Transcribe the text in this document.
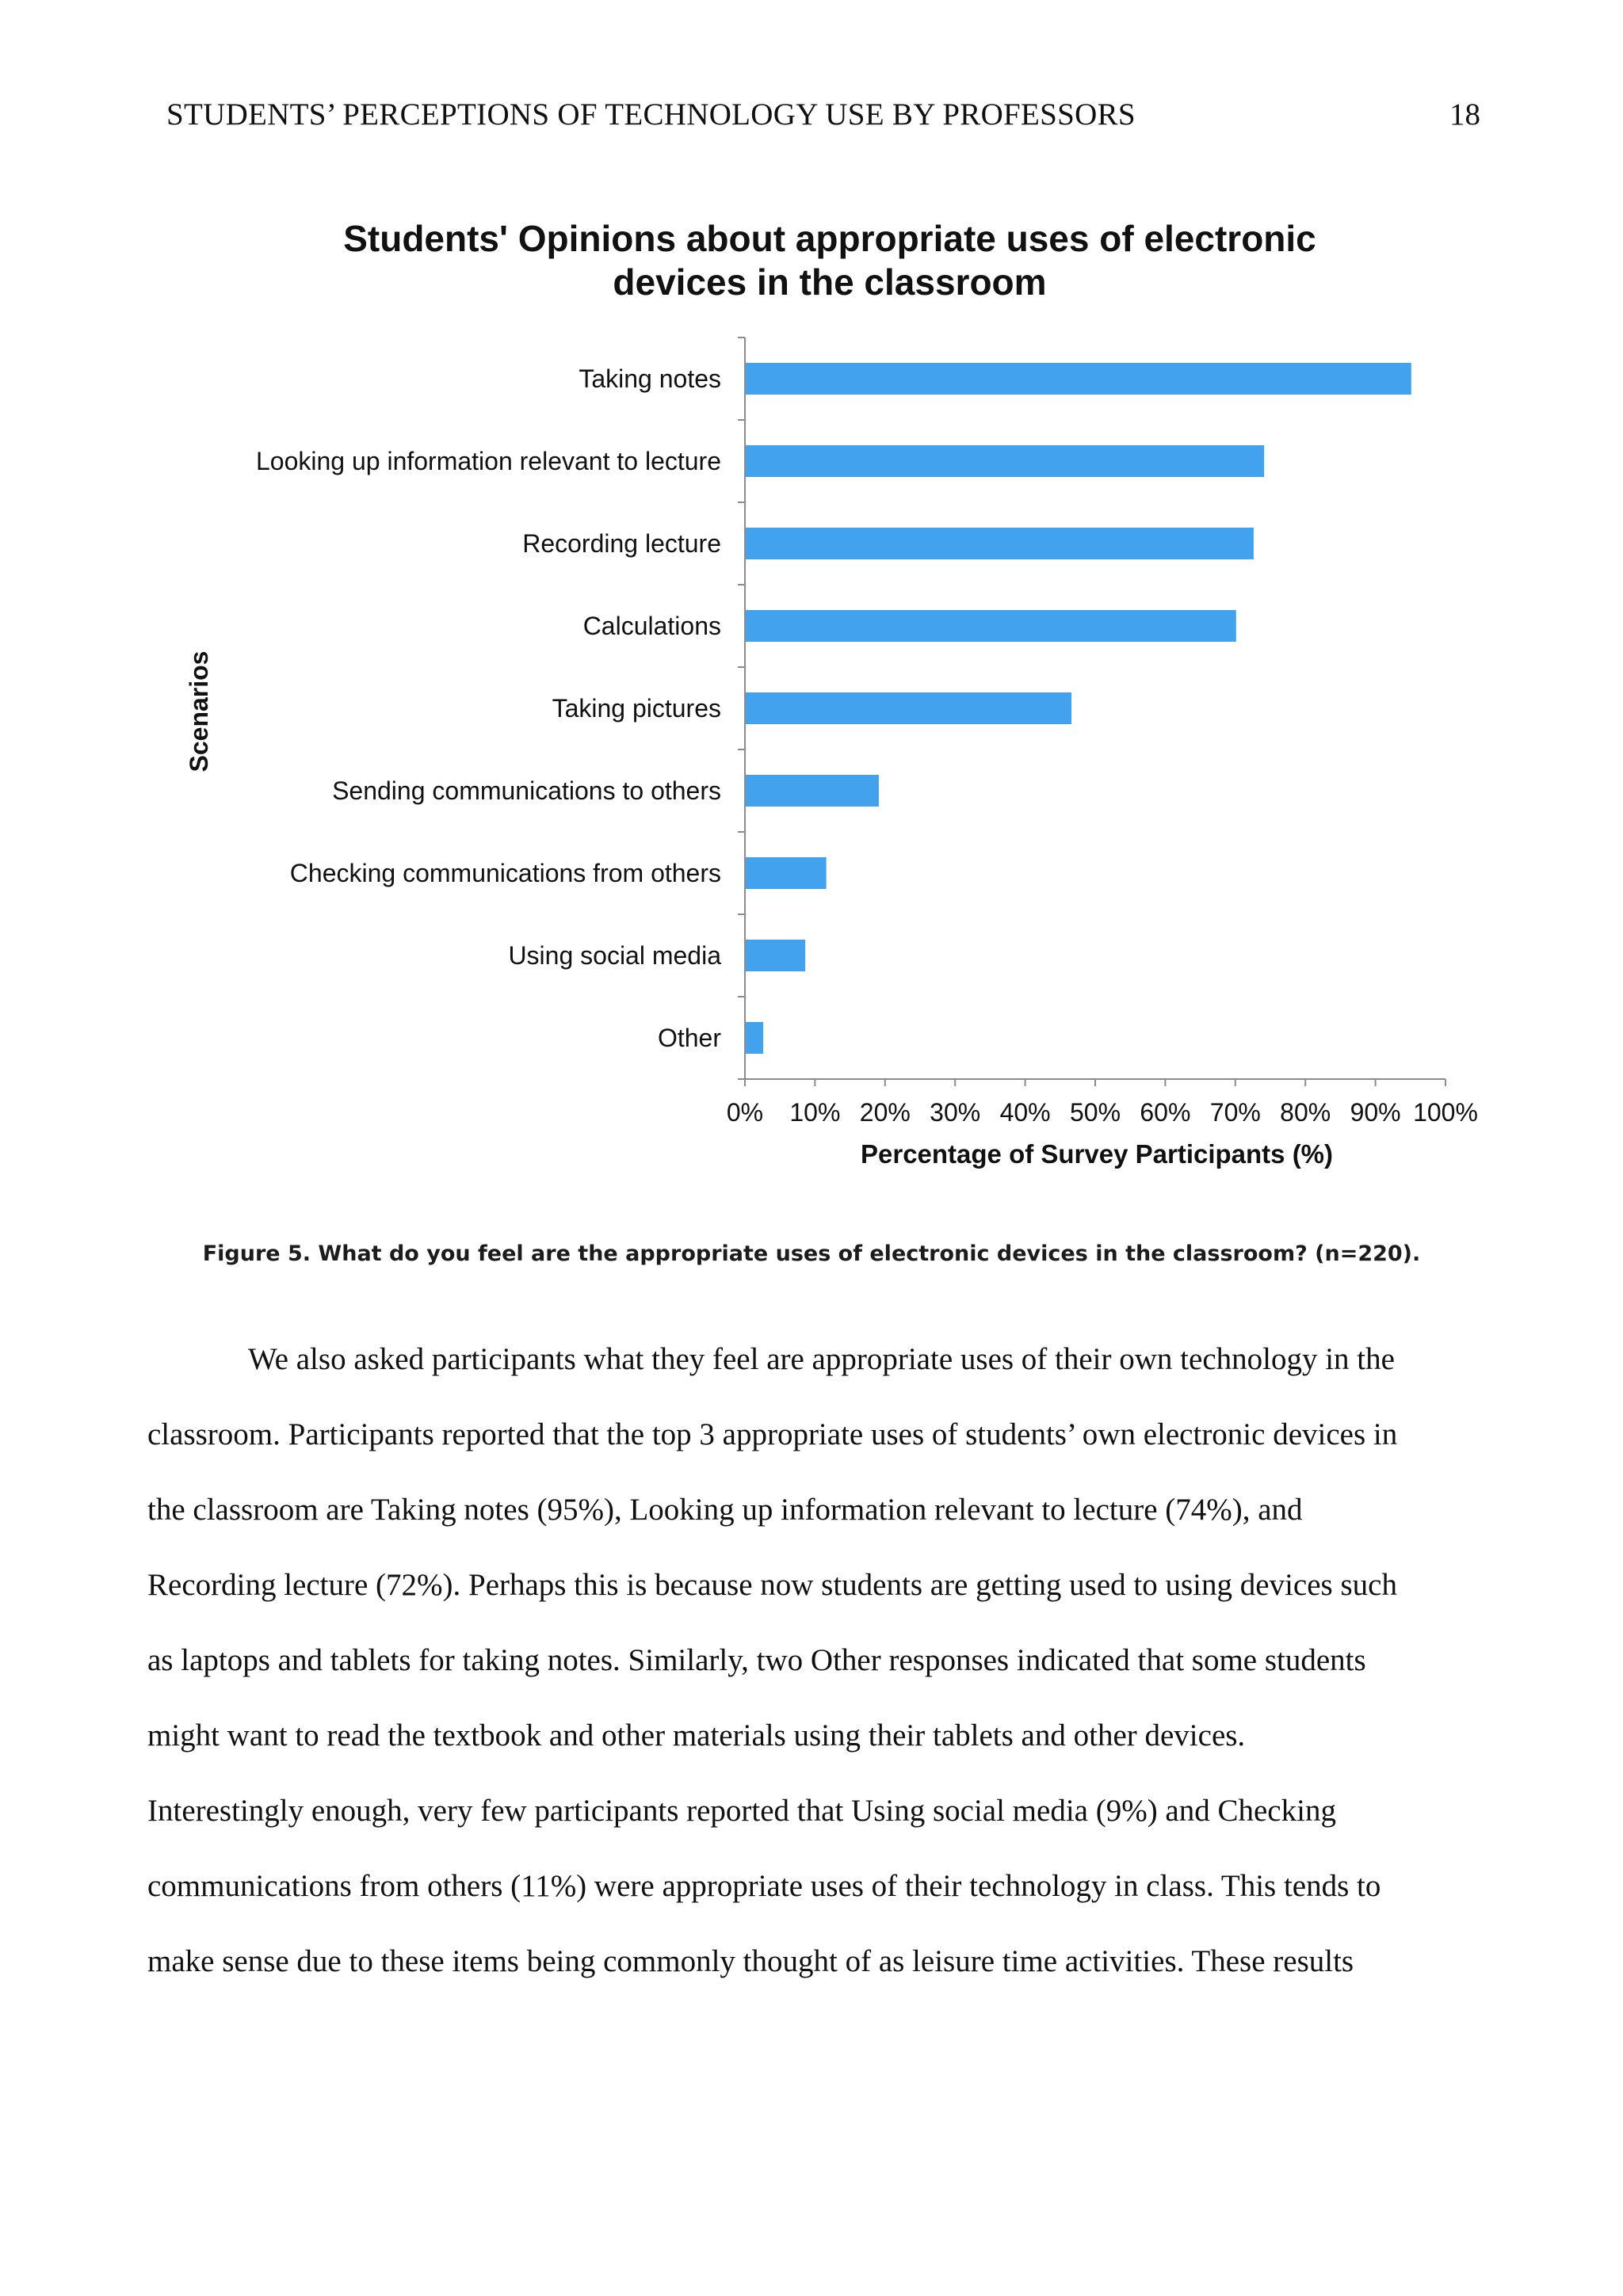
STUDENTS’ PERCEPTIONS OF TECHNOLOGY USE BY PROFESSORS	18
Students' Opinions about appropriate uses of electronic
devices in the classroom
Scenarios
Percentage of Survey Participants (%)
0% 10% 20% 30% 40% 50% 60% 70% 80% 90% 100%
Taking notes
Looking up information relevant to lecture
Recording lecture
Calculations
Taking pictures
Sending communications to others
Checking communications from others
Using social media
Other
Figure 5. What do you feel are the appropriate uses of electronic devices in the classroom? (n=220).
We also asked participants what they feel are appropriate uses of their own technology in the
classroom. Participants reported that the top 3 appropriate uses of students’ own electronic devices in
the classroom are Taking notes (95%), Looking up information relevant to lecture (74%), and
Recording lecture (72%). Perhaps this is because now students are getting used to using devices such
as laptops and tablets for taking notes. Similarly, two Other responses indicated that some students
might want to read the textbook and other materials using their tablets and other devices.
Interestingly enough, very few participants reported that Using social media (9%) and Checking
communications from others (11%) were appropriate uses of their technology in class. This tends to
make sense due to these items being commonly thought of as leisure time activities. These results
